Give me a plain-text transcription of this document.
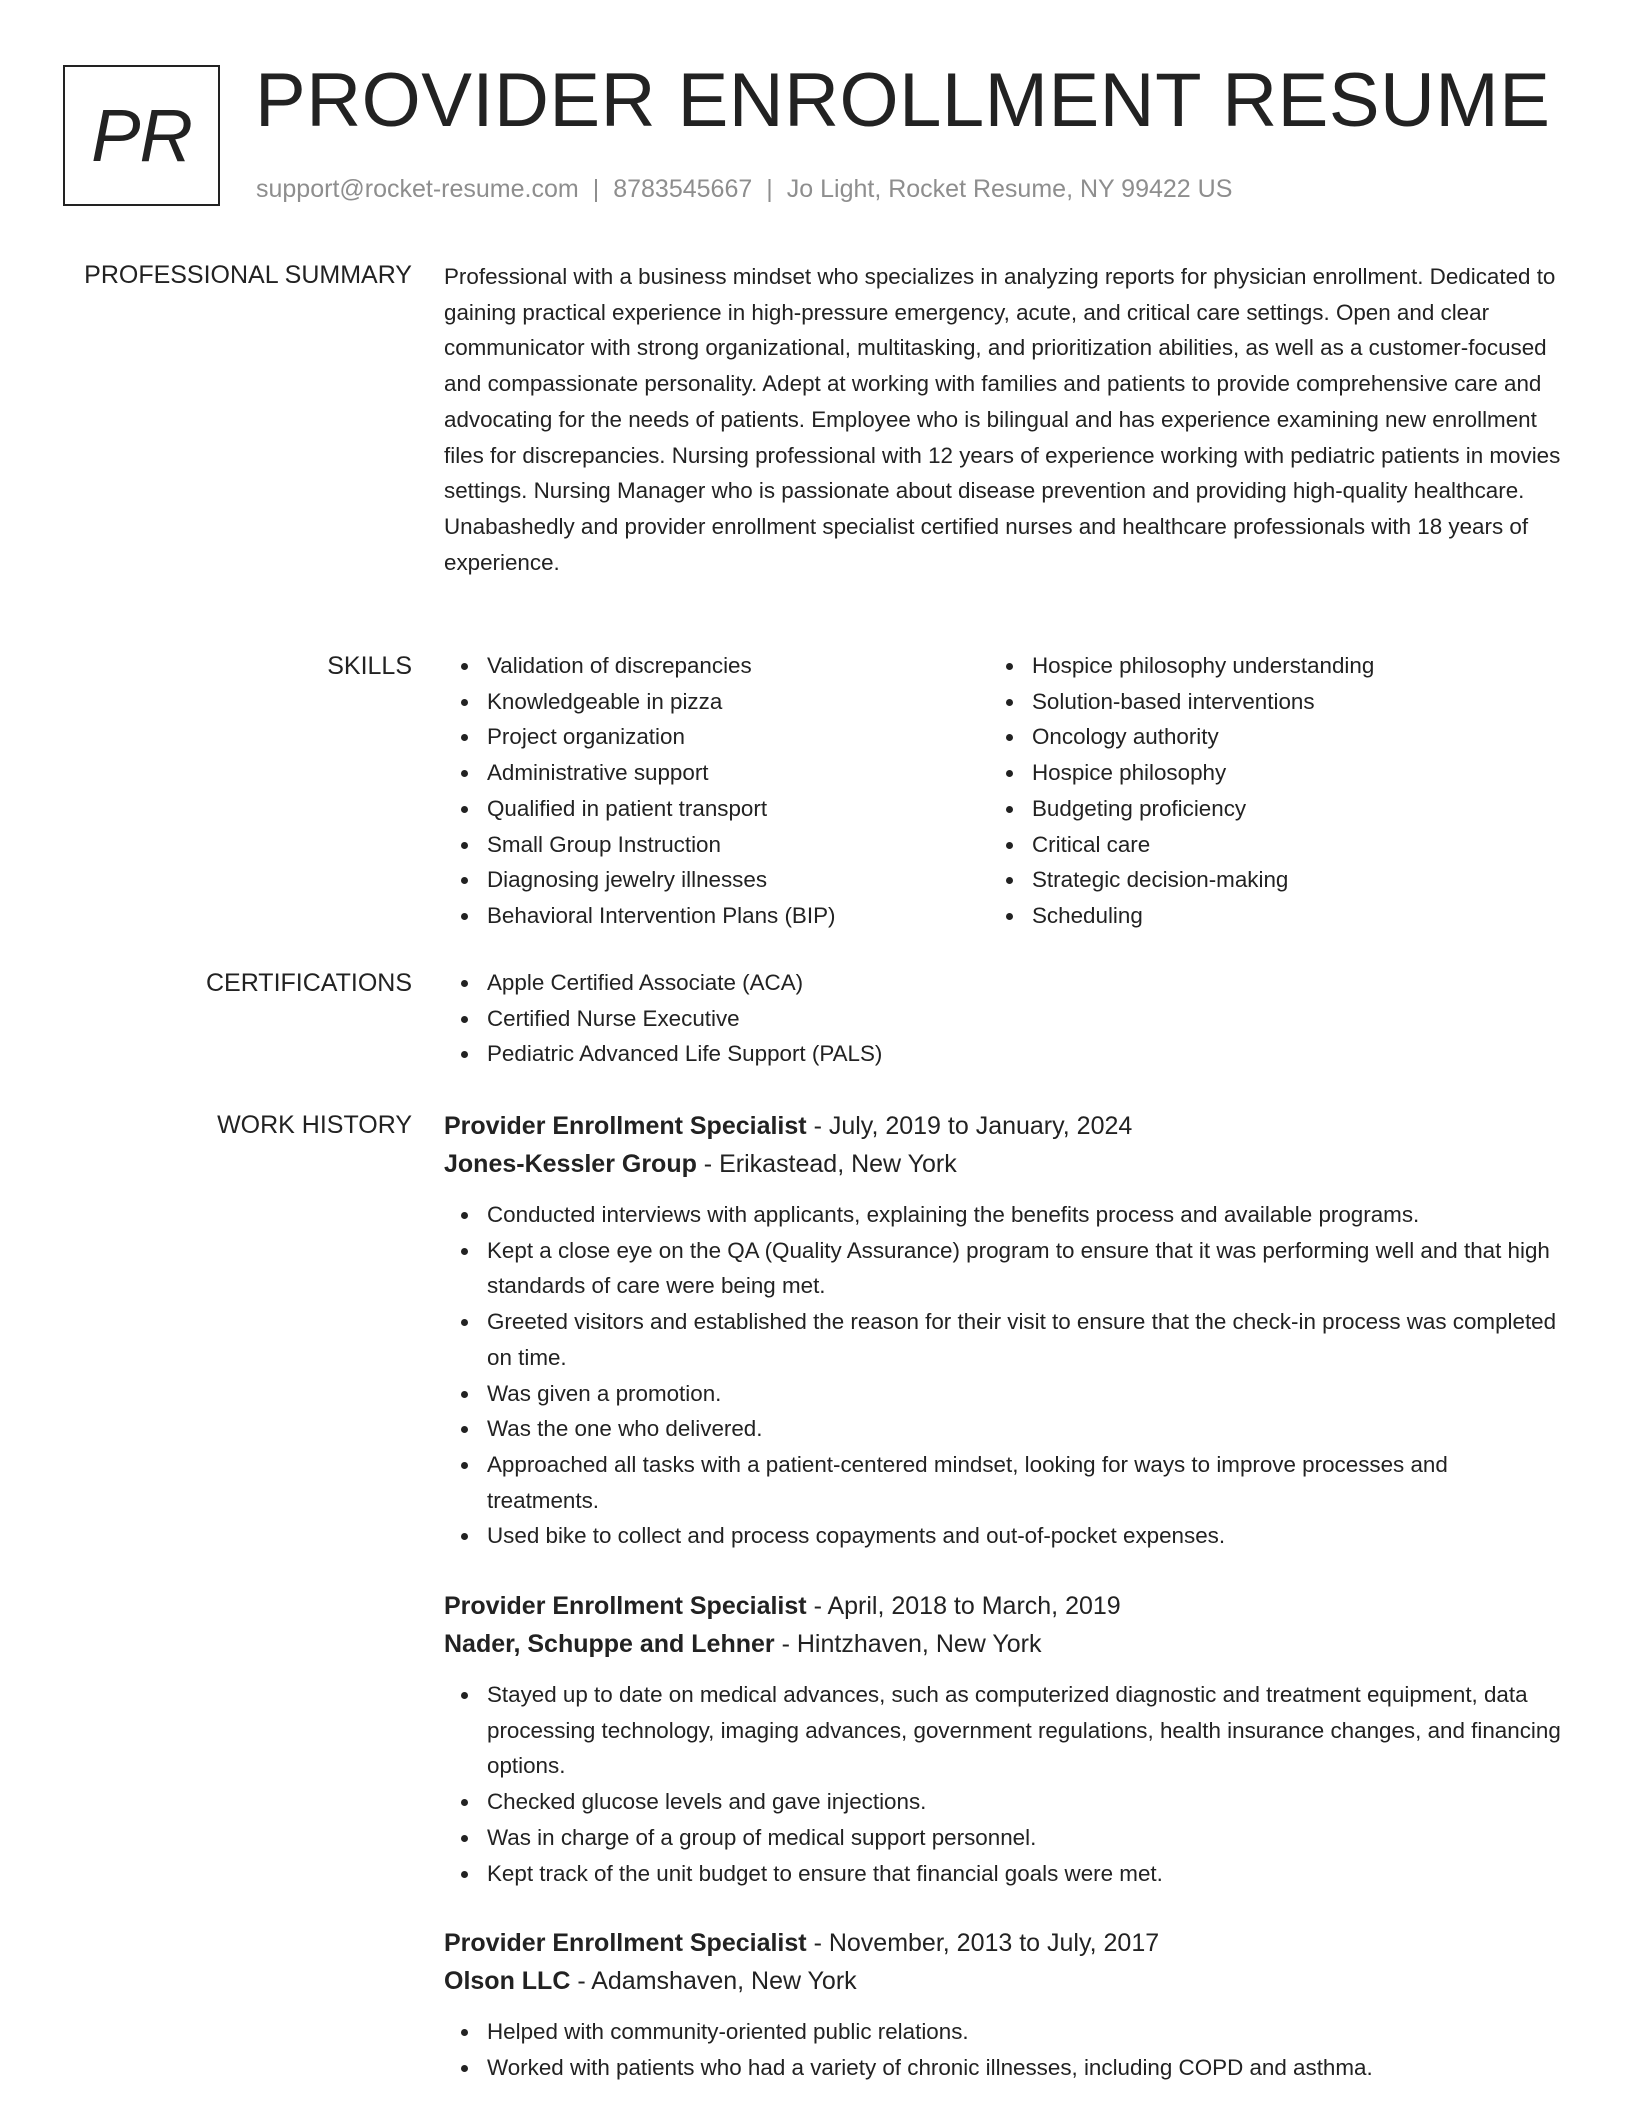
PR PROVIDER ENROLLMENT RESUME
support@rocket-resume.com | 8783545667 | Jo Light, Rocket Resume, NY 99422 US
PROFESSIONAL SUMMARY Professional with a business mindset who specializes in analyzing reports for physician enrollment. Dedicated to gaining practical experience in high-pressure emergency, acute, and critical care settings. Open and clear communicator with strong organizational, multitasking, and prioritization abilities, as well as a customer-focused and compassionate personality. Adept at working with families and patients to provide comprehensive care and advocating for the needs of patients. Employee who is bilingual and has experience examining new enrollment files for discrepancies. Nursing professional with 12 years of experience working with pediatric patients in movies settings. Nursing Manager who is passionate about disease prevention and providing high-quality healthcare. Unabashedly and provider enrollment specialist certified nurses and healthcare professionals with 18 years of experience.

SKILLS	Validation of discrepancies
Knowledgeable in pizza
Project organization
Administrative support
Qualified in patient transport
Small Group Instruction
Diagnosing jewelry illnesses
Behavioral Intervention Plans (BIP)
Hospice philosophy understanding
Solution-based interventions
Oncology authority
Hospice philosophy
Budgeting proficiency
Critical care
Strategic decision-making
Scheduling
CERTIFICATIONS	Apple Certified Associate (ACA)
Certified Nurse Executive
Pediatric Advanced Life Support (PALS)
WORK HISTORY Provider Enrollment Specialist - July, 2019 to January, 2024
Jones-Kessler Group - Erikastead, New York
Conducted interviews with applicants, explaining the benefits process and available programs.
Kept a close eye on the QA (Quality Assurance) program to ensure that it was performing well and that high standards of care were being met.
Greeted visitors and established the reason for their visit to ensure that the check-in process was completed on time.
Was given a promotion.
Was the one who delivered.
Approached all tasks with a patient-centered mindset, looking for ways to improve processes and treatments.
Used bike to collect and process copayments and out-of-pocket expenses.
Provider Enrollment Specialist - April, 2018 to March, 2019
Nader, Schuppe and Lehner - Hintzhaven, New York
Stayed up to date on medical advances, such as computerized diagnostic and treatment equipment, data processing technology, imaging advances, government regulations, health insurance changes, and financing options.
Checked glucose levels and gave injections.
Was in charge of a group of medical support personnel.
Kept track of the unit budget to ensure that financial goals were met.
Provider Enrollment Specialist - November, 2013 to July, 2017
Olson LLC - Adamshaven, New York
Helped with community-oriented public relations.
Worked with patients who had a variety of chronic illnesses, including COPD and asthma.
